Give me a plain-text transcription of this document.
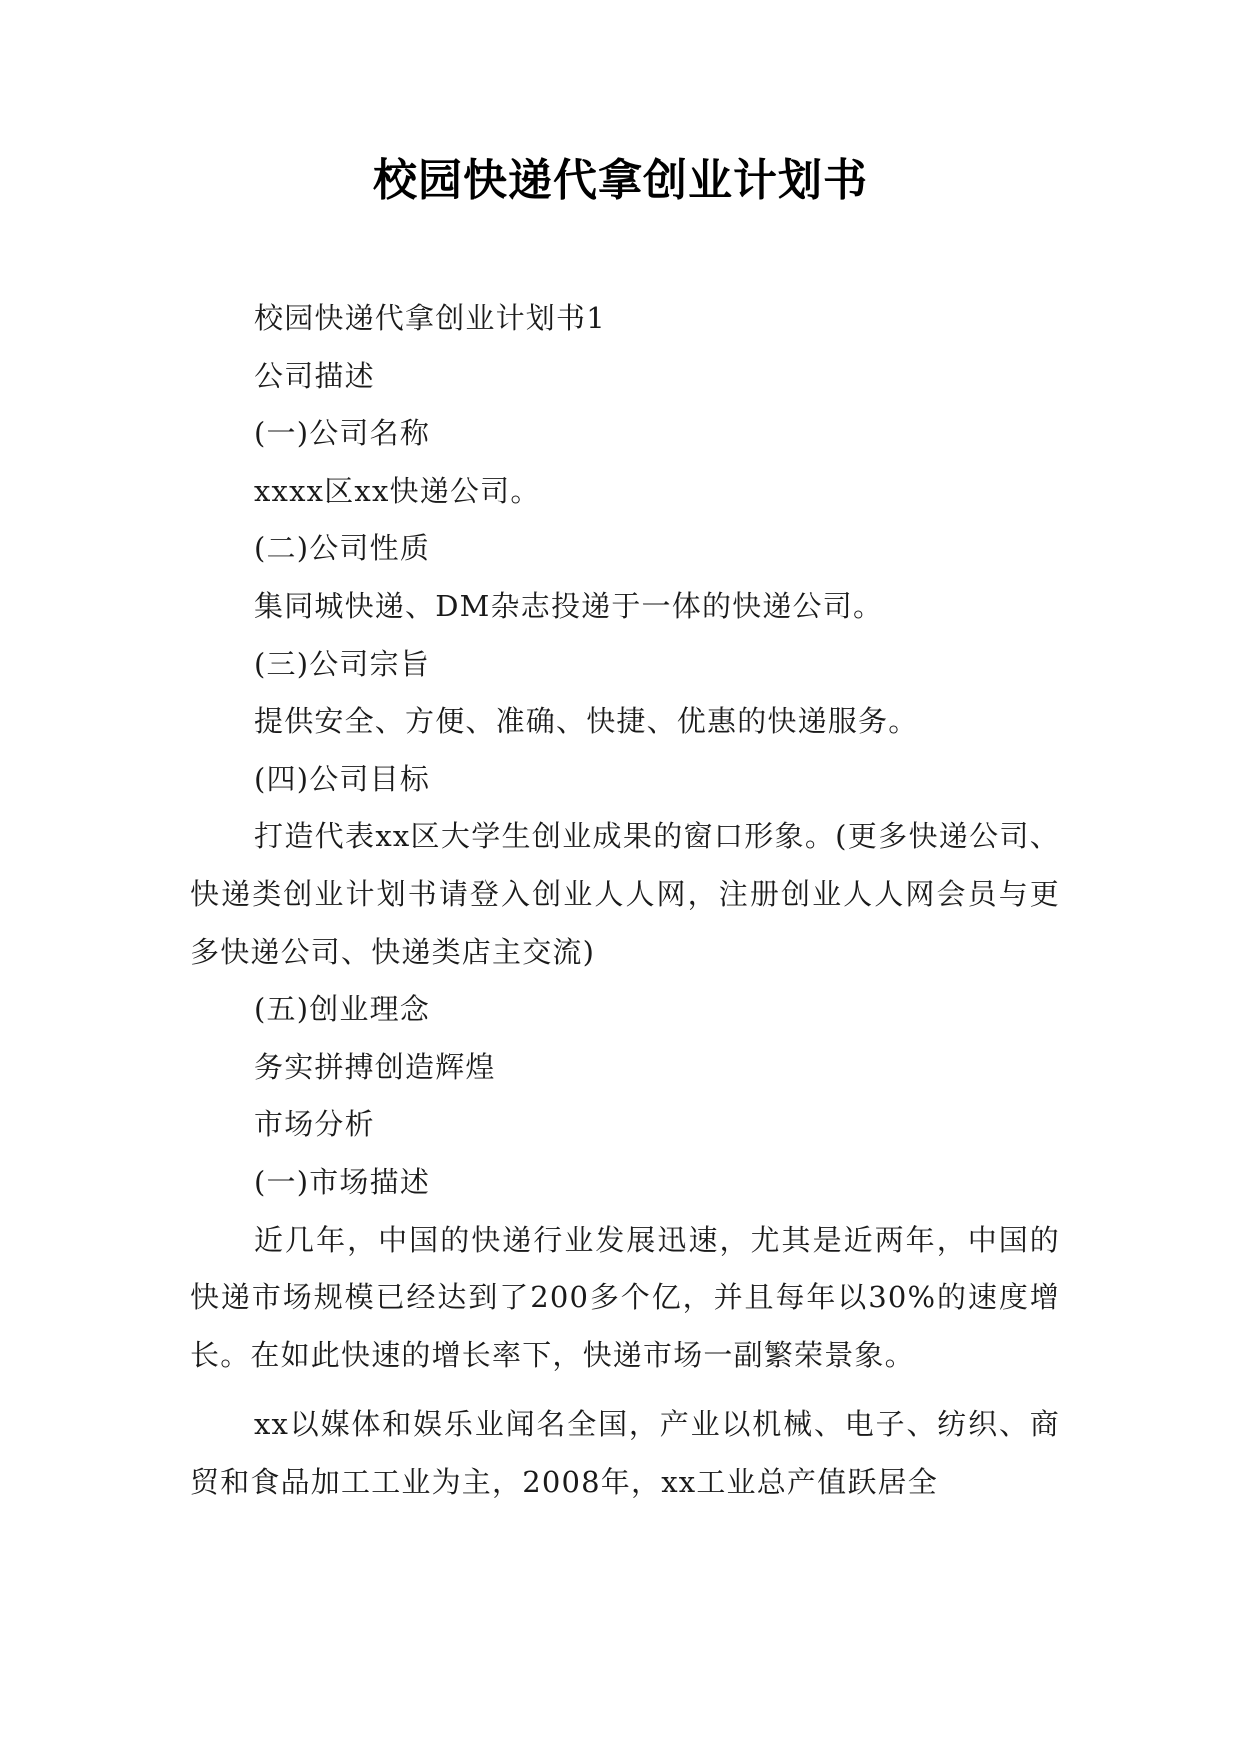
校园快递代拿创业计划书

校园快递代拿创业计划书1

公司描述

(一)公司名称

xxxx区xx快递公司。

(二)公司性质

集同城快递、DM杂志投递于一体的快递公司。

(三)公司宗旨

提供安全、方便、准确、快捷、优惠的快递服务。

(四)公司目标

打造代表xx区大学生创业成果的窗口形象。(更多快递公司、快递类创业计划书请登入创业人人网，注册创业人人网会员与更多快递公司、快递类店主交流)

(五)创业理念

务实拼搏创造辉煌

市场分析

(一)市场描述

近几年，中国的快递行业发展迅速，尤其是近两年，中国的快递市场规模已经达到了200多个亿，并且每年以30%的速度增长。在如此快速的增长率下，快递市场一副繁荣景象。

xx以媒体和娱乐业闻名全国，产业以机械、电子、纺织、商贸和食品加工工业为主，2008年，xx工业总产值跃居全
